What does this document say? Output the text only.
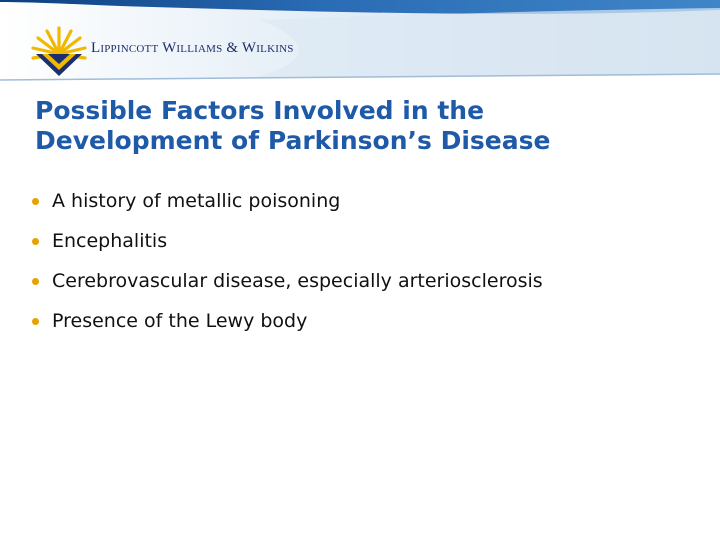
Lippincott Williams & Wilkins
Possible Factors Involved in the
Development of Parkinson’s Disease
A history of metallic poisoning
Encephalitis
Cerebrovascular disease, especially arteriosclerosis
Presence of the Lewy body
